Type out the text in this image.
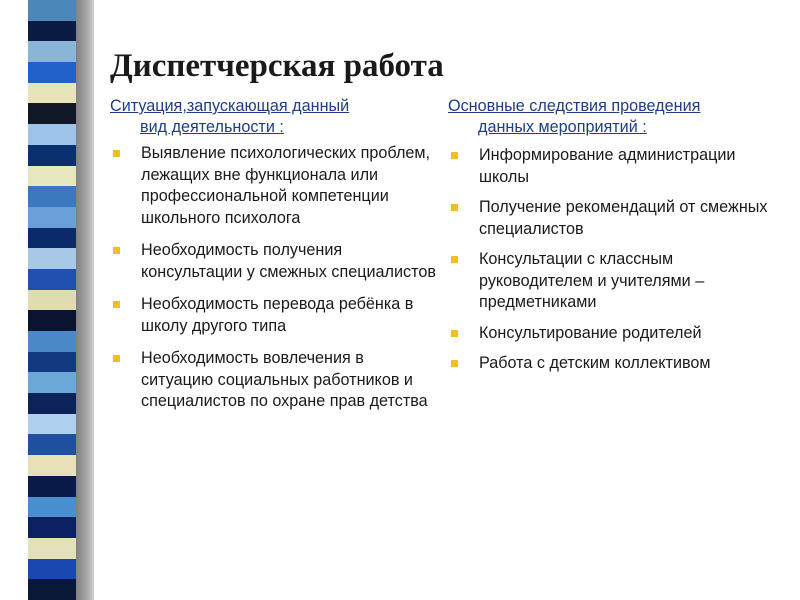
Диспетчерская работа
Ситуация,запускающая данный
вид деятельности :
Выявление психологических проблем, лежащих вне функционала или профессиональной компетенции школьного психолога
Необходимость получения консультации у смежных специалистов
Необходимость перевода ребёнка в школу другого типа
Необходимость вовлечения в ситуацию социальных работников и специалистов по охране прав детства
Основные следствия проведения
данных мероприятий :
Информирование администрации школы
Получение рекомендаций от смежных специалистов
Консультации с классным руководителем и учителями – предметниками
Консультирование родителей
Работа с детским коллективом
